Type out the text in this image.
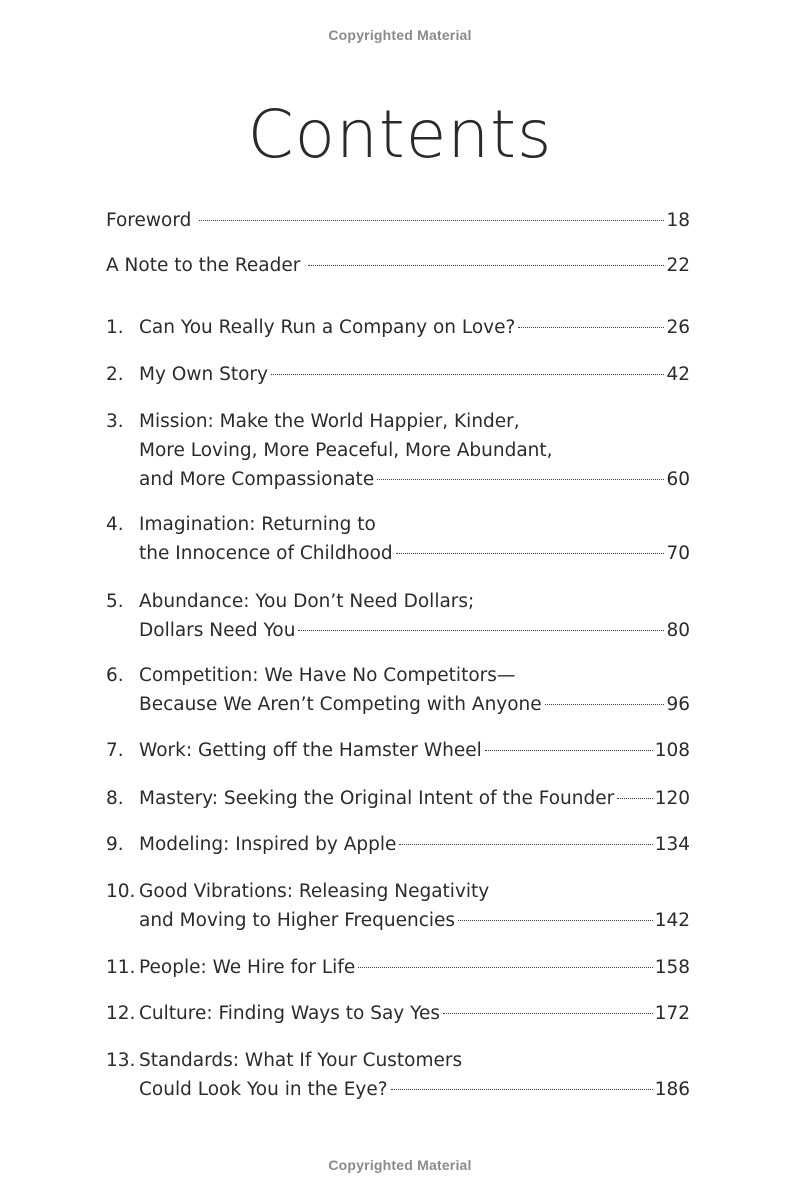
Copyrighted Material
Contents
Foreword	18
A Note to the Reader	22
1. Can You Really Run a Company on Love?	26
2. My Own Story	42
3. Mission: Make the World Happier, Kinder,
More Loving, More Peaceful, More Abundant,
and More Compassionate	60
4. Imagination: Returning to
the Innocence of Childhood	70
5. Abundance: You Don’t Need Dollars;
Dollars Need You	80
6. Competition: We Have No Competitors—
Because We Aren’t Competing with Anyone	96
7. Work: Getting off the Hamster Wheel	108
8. Mastery: Seeking the Original Intent of the Founder 120
9. Modeling: Inspired by Apple	134
10. Good Vibrations: Releasing Negativity
and Moving to Higher Frequencies	142
11. People: We Hire for Life	158
12. Culture: Finding Ways to Say Yes	172
13. Standards: What If Your Customers
Could Look You in the Eye?	186
Copyrighted Material
